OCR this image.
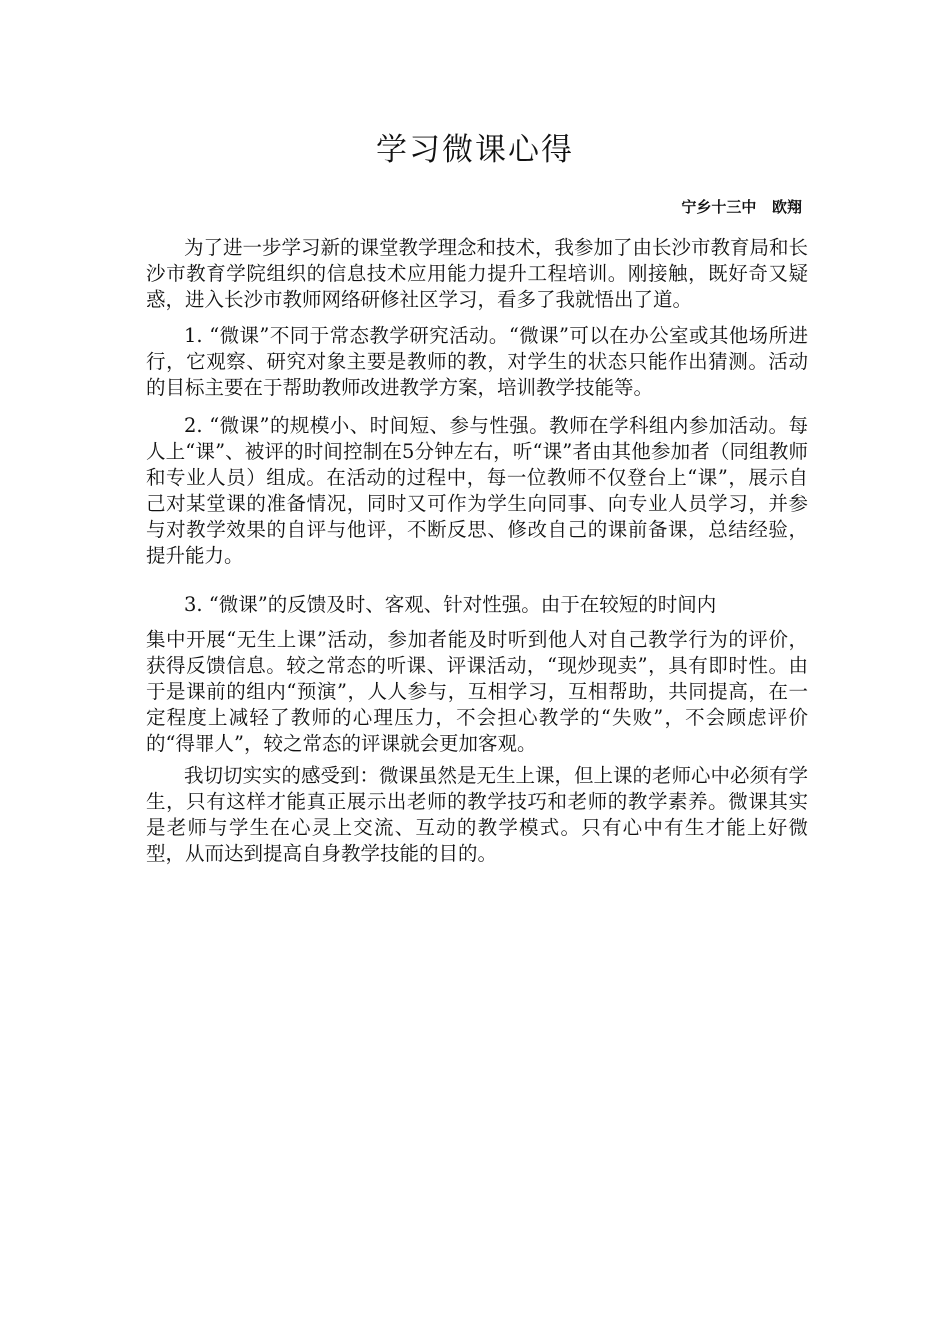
学习微课心得
宁乡十三中   欧翔

为了进一步学习新的课堂教学理念和技术，我参加了由长沙市教育局和长沙市教育学院组织的信息技术应用能力提升工程培训。刚接触，既好奇又疑惑，进入长沙市教师网络研修社区学习，看多了我就悟出了道。

1. “微课”不同于常态教学研究活动。“微课”可以在办公室或其他场所进行，它观察、研究对象主要是教师的教，对学生的状态只能作出猜测。活动的目标主要在于帮助教师改进教学方案，培训教学技能等。

2. “微课”的规模小、时间短、参与性强。教师在学科组内参加活动。每人上“课”、被评的时间控制在5分钟左右，听“课”者由其他参加者（同组教师和专业人员）组成。在活动的过程中，每一位教师不仅登台上“课”，展示自己对某堂课的准备情况，同时又可作为学生向同事、向专业人员学习，并参与对教学效果的自评与他评，不断反思、修改自己的课前备课，总结经验，提升能力。

3. “微课”的反馈及时、客观、针对性强。由于在较短的时间内

集中开展“无生上课”活动，参加者能及时听到他人对自己教学行为的评价，获得反馈信息。较之常态的听课、评课活动，“现炒现卖”，具有即时性。由于是课前的组内“预演”，人人参与，互相学习，互相帮助，共同提高，在一定程度上减轻了教师的心理压力，不会担心教学的“失败”，不会顾虑评价的“得罪人”，较之常态的评课就会更加客观。

我切切实实的感受到：微课虽然是无生上课，但上课的老师心中必须有学生，只有这样才能真正展示出老师的教学技巧和老师的教学素养。微课其实是老师与学生在心灵上交流、互动的教学模式。只有心中有生才能上好微型，从而达到提高自身教学技能的目的。
